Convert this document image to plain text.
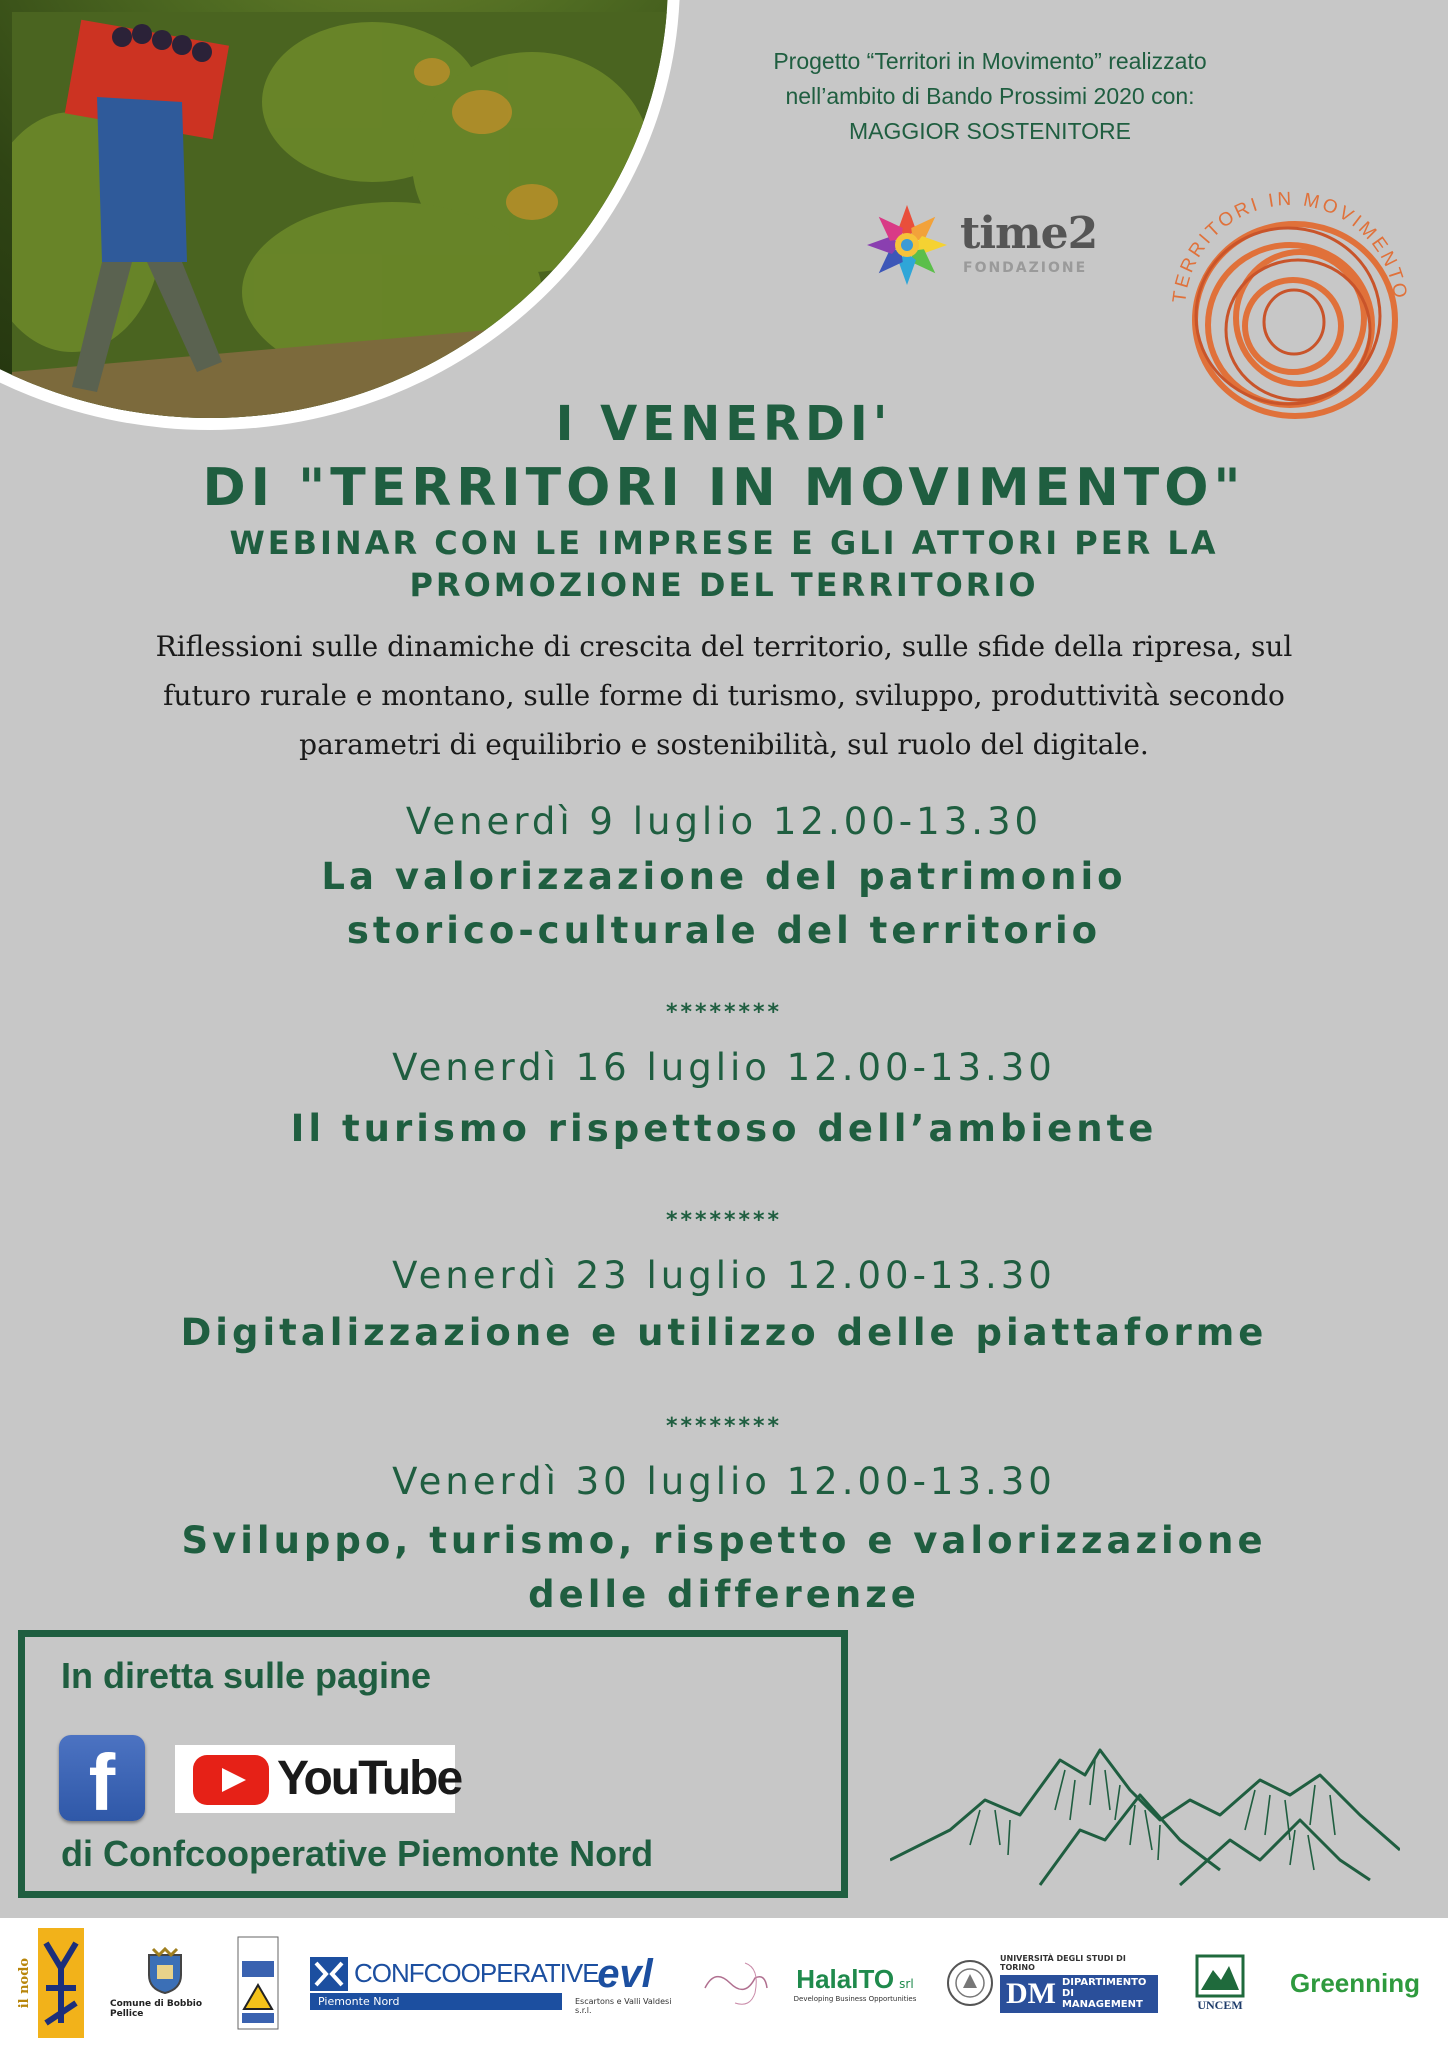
Progetto “Territori in Movimento” realizzato
nell’ambito di Bando Prossimi 2020 con:
MAGGIOR SOSTENITORE
time2
FONDAZIONE
TERRITORI IN MOVIMENTO
I VENERDI'
DI "TERRITORI IN MOVIMENTO"
WEBINAR CON LE IMPRESE E GLI ATTORI PER LA
PROMOZIONE DEL TERRITORIO
Riflessioni sulle dinamiche di crescita del territorio, sulle sfide della ripresa, sul
futuro rurale e montano, sulle forme di turismo, sviluppo, produttività secondo
parametri di equilibrio e sostenibilità, sul ruolo del digitale.
Venerdì 9 luglio 12.00-13.30
La valorizzazione del patrimonio
storico-culturale del territorio
********
Venerdì 16 luglio 12.00-13.30
Il turismo rispettoso dell’ambiente
********
Venerdì 23 luglio 12.00-13.30
Digitalizzazione e utilizzo delle piattaforme
********
Venerdì 30 luglio 12.00-13.30
Sviluppo, turismo, rispetto e valorizzazione
delle differenze
In diretta sulle pagine
f	YouTube
di Confcooperative Piemonte Nord
il nodo	Comune di Bobbio Pellice
CONFCOOPERATIVE
Piemonte Nord
evl
Escartons e Valli Valdesi s.r.l.
HalalTO srl
Developing Business Opportunities
UNIVERSITÀ DEGLI STUDI DI TORINO
DM DIPARTIMENTO DI MANAGEMENT	UNCEM
Greenning
